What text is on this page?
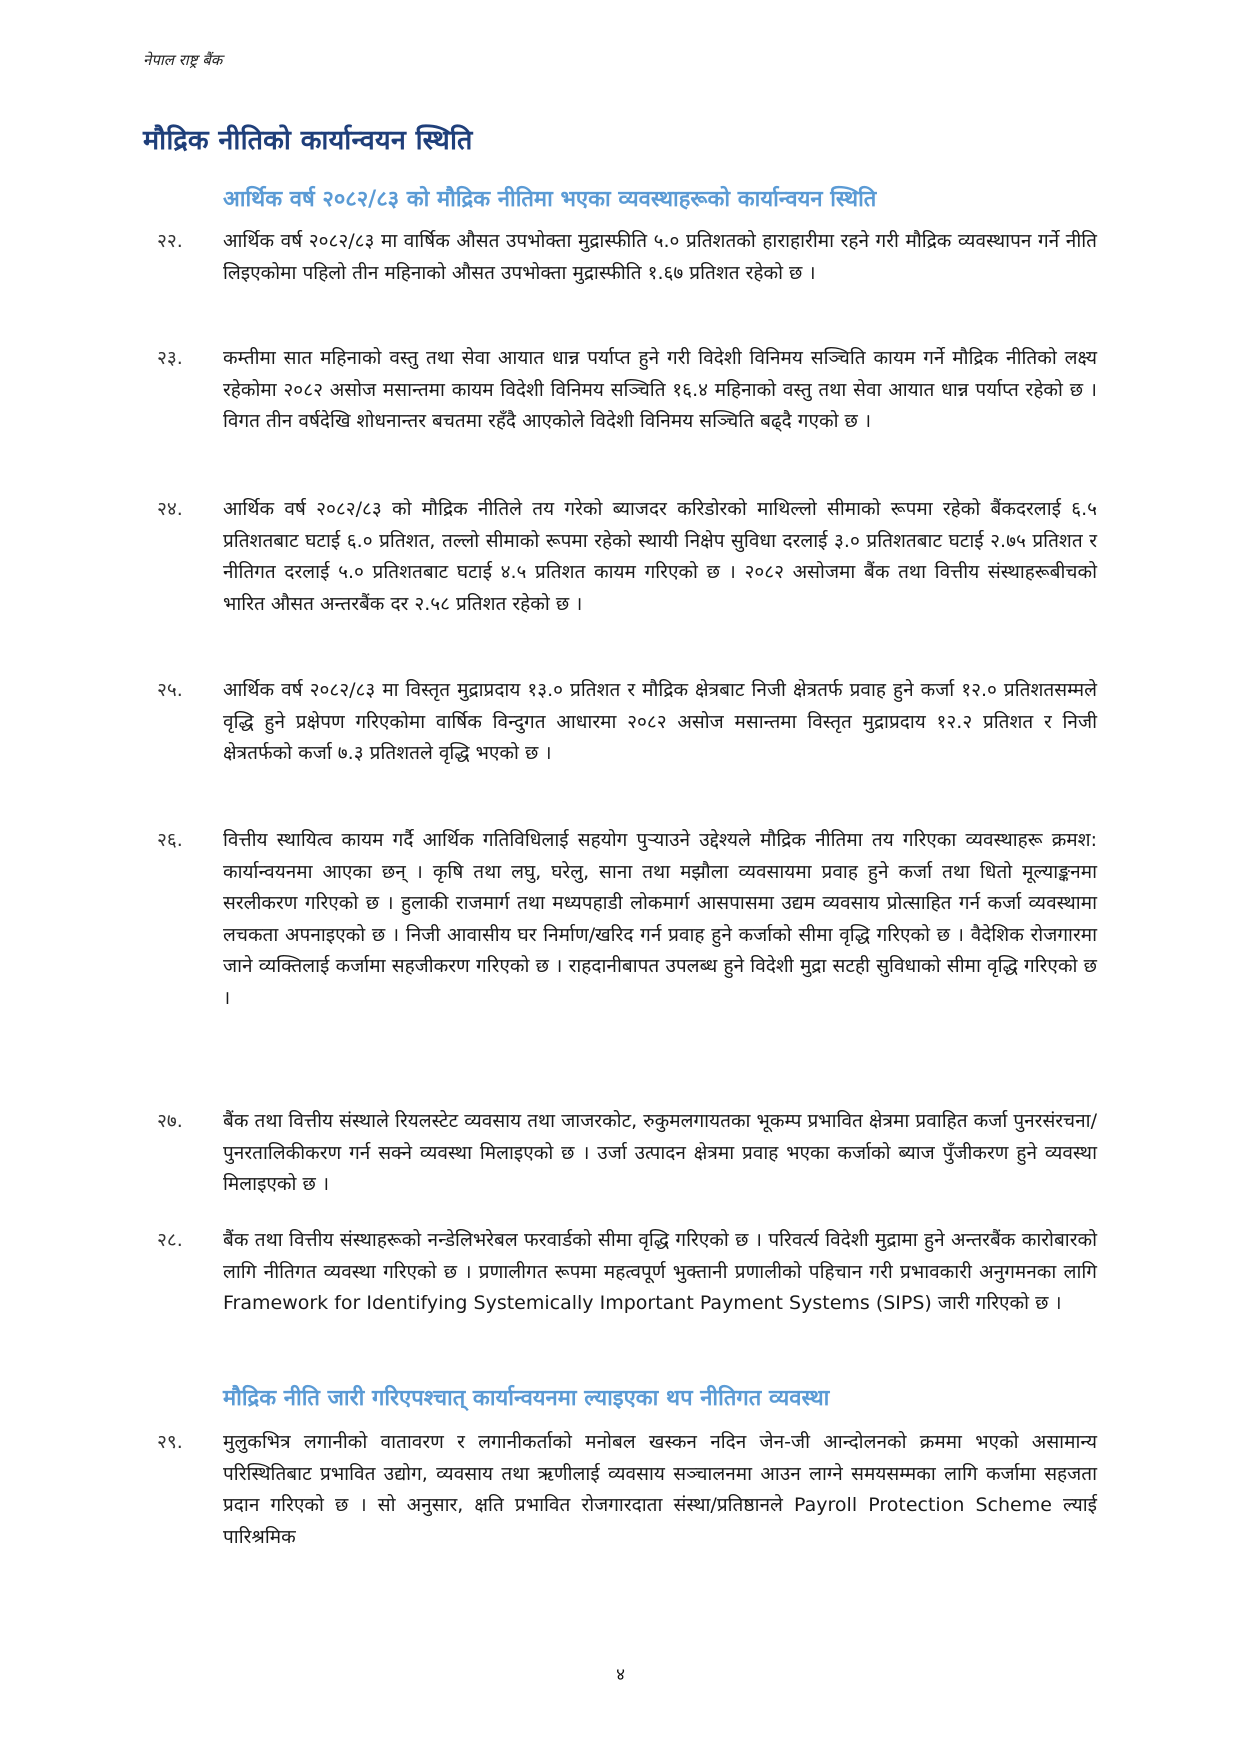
नेपाल राष्ट्र बैंक
मौद्रिक नीतिको कार्यान्वयन स्थिति
आर्थिक वर्ष २०८२/८३ को मौद्रिक नीतिमा भएका व्यवस्थाहरूको कार्यान्वयन स्थिति
२२.	आर्थिक वर्ष २०८२/८३ मा वार्षिक औसत उपभोक्ता मुद्रास्फीति ५.० प्रतिशतको हाराहारीमा रहने गरी मौद्रिक व्यवस्थापन गर्ने नीति लिइएकोमा पहिलो तीन महिनाको औसत उपभोक्ता मुद्रास्फीति १.६७ प्रतिशत रहेको छ ।
२३.	कम्तीमा सात महिनाको वस्तु तथा सेवा आयात धान्न पर्याप्त हुने गरी विदेशी विनिमय सञ्चिति कायम गर्ने मौद्रिक नीतिको लक्ष्य रहेकोमा २०८२ असोज मसान्तमा कायम विदेशी विनिमय सञ्चिति १६.४ महिनाको वस्तु तथा सेवा आयात धान्न पर्याप्त रहेको छ । विगत तीन वर्षदेखि शोधनान्तर बचतमा रहँदै आएकोले विदेशी विनिमय सञ्चिति बढ्दै गएको छ ।
२४.	आर्थिक वर्ष २०८२/८३ को मौद्रिक नीतिले तय गरेको ब्याजदर करिडोरको माथिल्लो सीमाको रूपमा रहेको बैंकदरलाई ६.५ प्रतिशतबाट घटाई ६.० प्रतिशत, तल्लो सीमाको रूपमा रहेको स्थायी निक्षेप सुविधा दरलाई ३.० प्रतिशतबाट घटाई २.७५ प्रतिशत र नीतिगत दरलाई ५.० प्रतिशतबाट घटाई ४.५ प्रतिशत कायम गरिएको छ । २०८२ असोजमा बैंक तथा वित्तीय संस्थाहरूबीचको भारित औसत अन्तरबैंक दर २.५८ प्रतिशत रहेको छ ।
२५.	आर्थिक वर्ष २०८२/८३ मा विस्तृत मुद्राप्रदाय १३.० प्रतिशत र मौद्रिक क्षेत्रबाट निजी क्षेत्रतर्फ प्रवाह हुने कर्जा १२.० प्रतिशतसम्मले वृद्धि हुने प्रक्षेपण गरिएकोमा वार्षिक विन्दुगत आधारमा २०८२ असोज मसान्तमा विस्तृत मुद्राप्रदाय १२.२ प्रतिशत र निजी क्षेत्रतर्फको कर्जा ७.३ प्रतिशतले वृद्धि भएको छ ।
२६.	वित्तीय स्थायित्व कायम गर्दै आर्थिक गतिविधिलाई सहयोग पुर्‍याउने उद्देश्यले मौद्रिक नीतिमा तय गरिएका व्यवस्थाहरू क्रमश: कार्यान्वयनमा आएका छन् । कृषि तथा लघु, घरेलु, साना तथा मझौला व्यवसायमा प्रवाह हुने कर्जा तथा धितो मूल्याङ्कनमा सरलीकरण गरिएको छ । हुलाकी राजमार्ग तथा मध्यपहाडी लोकमार्ग आसपासमा उद्यम व्यवसाय प्रोत्साहित गर्न कर्जा व्यवस्थामा लचकता अपनाइएको छ । निजी आवासीय घर निर्माण/खरिद गर्न प्रवाह हुने कर्जाको सीमा वृद्धि गरिएको छ । वैदेशिक रोजगारमा जाने व्यक्तिलाई कर्जामा सहजीकरण गरिएको छ । राहदानीबापत उपलब्ध हुने विदेशी मुद्रा सटही सुविधाको सीमा वृद्धि गरिएको छ ।
२७.	बैंक तथा वित्तीय संस्थाले रियलस्टेट व्यवसाय तथा जाजरकोट, रुकुमलगायतका भूकम्प प्रभावित क्षेत्रमा प्रवाहित कर्जा पुनरसंरचना/पुनरतालिकीकरण गर्न सक्ने व्यवस्था मिलाइएको छ । उर्जा उत्पादन क्षेत्रमा प्रवाह भएका कर्जाको ब्याज पुँजीकरण हुने व्यवस्था मिलाइएको छ ।
२८.	बैंक तथा वित्तीय संस्थाहरूको नन्डेलिभरेबल फरवार्डको सीमा वृद्धि गरिएको छ । परिवर्त्य विदेशी मुद्रामा हुने अन्तरबैंक कारोबारको लागि नीतिगत व्यवस्था गरिएको छ । प्रणालीगत रूपमा महत्वपूर्ण भुक्तानी प्रणालीको पहिचान गरी प्रभावकारी अनुगमनका लागि Framework for Identifying Systemically Important Payment Systems (SIPS) जारी गरिएको छ ।
मौद्रिक नीति जारी गरिएपश्चात् कार्यान्वयनमा ल्याइएका थप नीतिगत व्यवस्था
२९.	मुलुकभित्र लगानीको वातावरण र लगानीकर्ताको मनोबल खस्कन नदिन जेन-जी आन्दोलनको क्रममा भएको असामान्य परिस्थितिबाट प्रभावित उद्योग, व्यवसाय तथा ऋणीलाई व्यवसाय सञ्चालनमा आउन लाग्ने समयसम्मका लागि कर्जामा सहजता प्रदान गरिएको छ । सो अनुसार, क्षति प्रभावित रोजगारदाता संस्था/प्रतिष्ठानले Payroll Protection Scheme ल्याई पारिश्रमिक
४
